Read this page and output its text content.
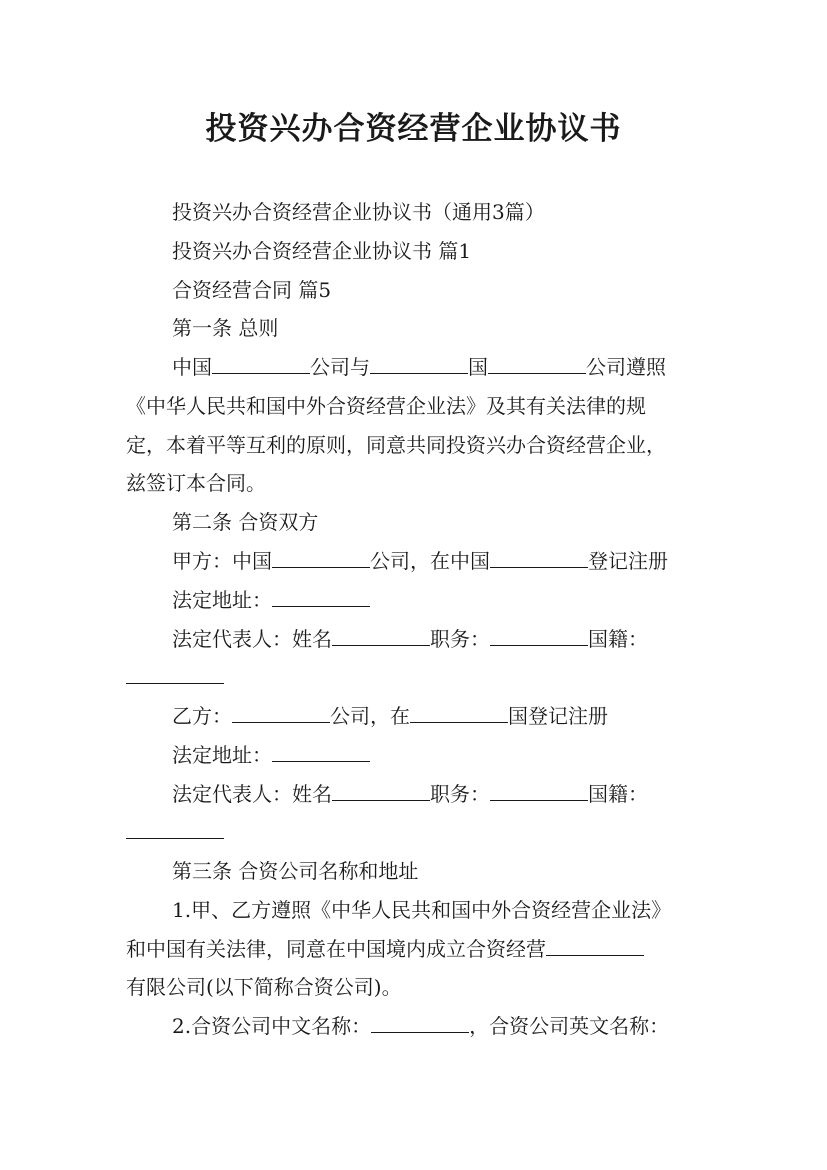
投资兴办合资经营企业协议书
投资兴办合资经营企业协议书（通用3篇）
投资兴办合资经营企业协议书 篇1
合资经营合同 篇5
第一条 总则
中国	公司与	国	公司遵照
《中华人民共和国中外合资经营企业法》及其有关法律的规
定，本着平等互利的原则，同意共同投资兴办合资经营企业，
兹签订本合同。
第二条 合资双方
甲方：中国	公司，在中国	登记注册
法定地址：
法定代表人：姓名	职务：	国籍：
乙方：	公司，在	国登记注册
法定地址：
法定代表人：姓名	职务：	国籍：
第三条 合资公司名称和地址
1.甲、乙方遵照《中华人民共和国中外合资经营企业法》
和中国有关法律，同意在中国境内成立合资经营
有限公司(以下简称合资公司)。
2.合资公司中文名称：	，合资公司英文名称：
